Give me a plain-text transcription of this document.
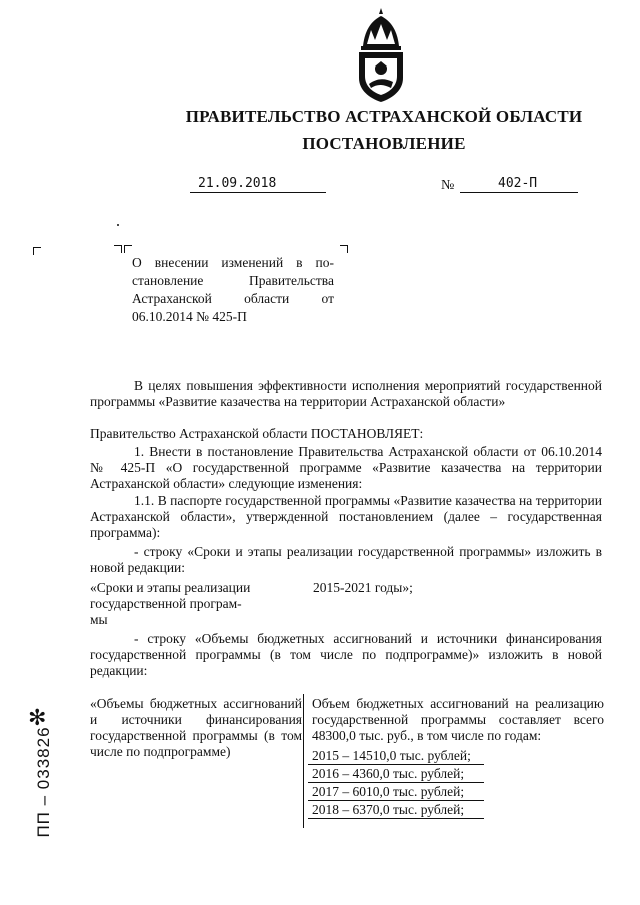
ПРАВИТЕЛЬСТВО АСТРАХАНСКОЙ ОБЛАСТИ
ПОСТАНОВЛЕНИЕ
21.09.2018	№	402-П
О внесении изменений в по-
становление Правительства
Астраханской области от
06.10.2014 № 425-П
В целях повышения эффективности исполнения мероприятий государственной программы «Развитие казачества на территории Астраханской области»
Правительство Астраханской области ПОСТАНОВЛЯЕТ:
1. Внести в постановление Правительства Астраханской области от 06.10.2014 № 425-П «О государственной программе «Развитие казачества на территории Астраханской области» следующие изменения:
1.1. В паспорте государственной программы «Развитие казачества на территории Астраханской области», утвержденной постановлением (далее – государственная программа):
- строку «Сроки и этапы реализации государственной программы» изложить в новой редакции:
«Сроки и этапы реализации
государственной програм-
мы
2015-2021 годы»;
- строку «Объемы бюджетных ассигнований и источники финансирования государственной программы (в том числе по подпрограмме)» изложить в новой редакции:
«Объемы бюджетных ассигнований и источники финансирования государственной программы (в том числе по подпрограмме)
Объем бюджетных ассигнований на реализацию государственной программы составляет всего 48300,0 тыс. руб., в том числе по годам:
2015 – 14510,0 тыс. рублей;
2016 – 4360,0 тыс. рублей;
2017 – 6010,0 тыс. рублей;
2018 – 6370,0 тыс. рублей;
✻
ПП – 033826
